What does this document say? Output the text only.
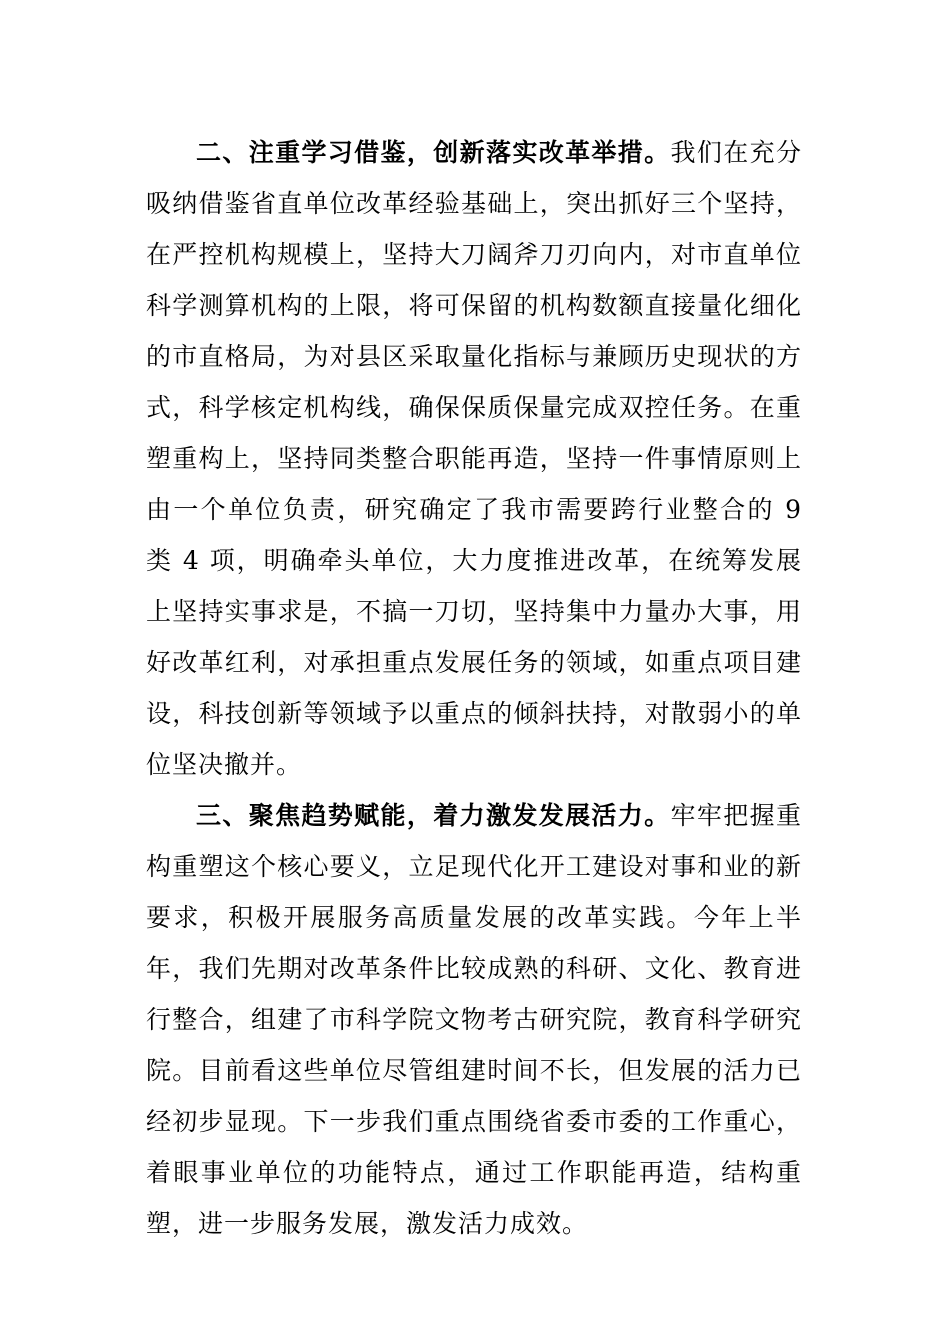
二、注重学习借鉴，创新落实改革举措。我们在充分吸纳借鉴省直单位改革经验基础上，突出抓好三个坚持，在严控机构规模上，坚持大刀阔斧刀刃向内，对市直单位科学测算机构的上限，将可保留的机构数额直接量化细化的市直格局，为对县区采取量化指标与兼顾历史现状的方式，科学核定机构线，确保保质保量完成双控任务。在重塑重构上，坚持同类整合职能再造，坚持一件事情原则上由一个单位负责，研究确定了我市需要跨行业整合的 9 类 4 项，明确牵头单位，大力度推进改革，在统筹发展上坚持实事求是，不搞一刀切，坚持集中力量办大事，用好改革红利，对承担重点发展任务的领域，如重点项目建设，科技创新等领域予以重点的倾斜扶持，对散弱小的单位坚决撤并。

三、聚焦趋势赋能，着力激发发展活力。牢牢把握重构重塑这个核心要义，立足现代化开工建设对事和业的新要求，积极开展服务高质量发展的改革实践。今年上半年，我们先期对改革条件比较成熟的科研、文化、教育进行整合，组建了市科学院文物考古研究院，教育科学研究院。目前看这些单位尽管组建时间不长，但发展的活力已经初步显现。下一步我们重点围绕省委市委的工作重心，着眼事业单位的功能特点，通过工作职能再造，结构重塑，进一步服务发展，激发活力成效。
